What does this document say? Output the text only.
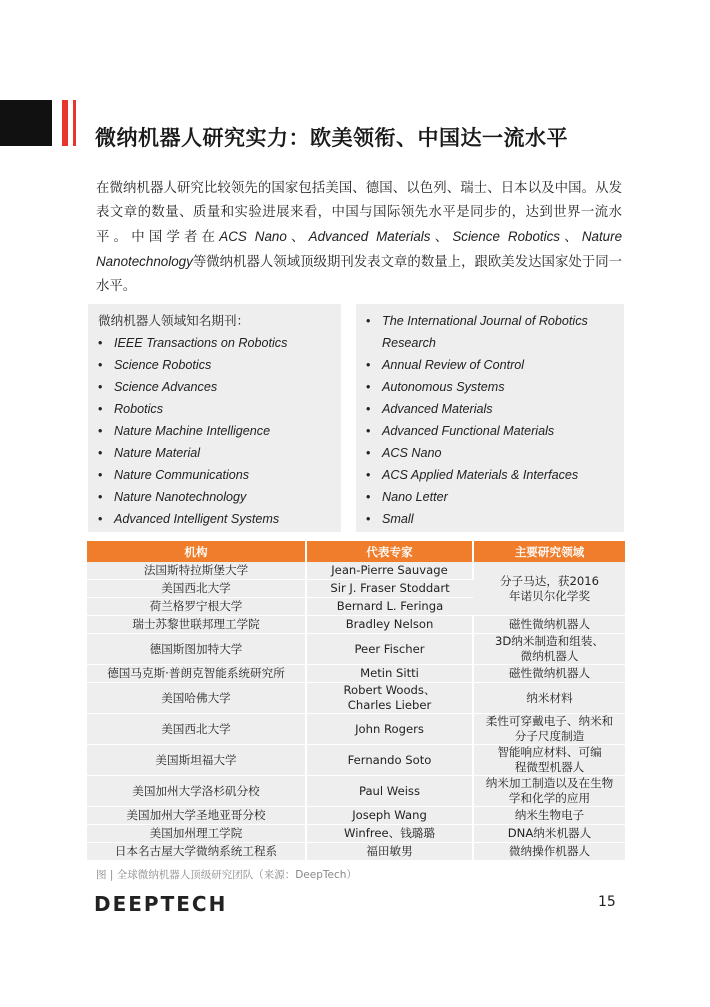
微纳机器人研究实力：欧美领衔、中国达一流水平

在微纳机器人研究比较领先的国家包括美国、德国、以色列、瑞士、日本以及中国。从发表文章的数量、质量和实验进展来看，中国与国际领先水平是同步的，达到世界一流水平。中国学者在ACS Nano、Advanced Materials、Science Robotics、Nature Nanotechnology等微纳机器人领域顶级期刊发表文章的数量上，跟欧美发达国家处于同一水平。

微纳机器人领域知名期刊：
• IEEE Transactions on Robotics
• Science Robotics
• Science Advances
• Robotics
• Nature Machine Intelligence
• Nature Material
• Nature Communications
• Nature Nanotechnology
• Advanced Intelligent Systems
• The International Journal of Robotics Research
• Annual Review of Control
• Autonomous Systems
• Advanced Materials
• Advanced Functional Materials
• ACS Nano
• ACS Applied Materials & Interfaces
• Nano Letter
• Small
机构	代表专家	主要研究领域
法国斯特拉斯堡大学	Jean-Pierre Sauvage	分子马达，获2016年诺贝尔化学奖
美国西北大学	Sir J. Fraser Stoddart	
荷兰格罗宁根大学	Bernard L. Feringa	
瑞士苏黎世联邦理工学院	Bradley Nelson	磁性微纳机器人
德国斯图加特大学	Peer Fischer	3D纳米制造和组装、微纳机器人
德国马克斯·普朗克智能系统研究所	Metin Sitti	磁性微纳机器人
美国哈佛大学	Robert Woods、Charles Lieber	纳米材料
美国西北大学	John Rogers	柔性可穿戴电子、纳米和分子尺度制造
美国斯坦福大学	Fernando Soto	智能响应材料、可编程微型机器人
美国加州大学洛杉矶分校	Paul Weiss	纳米加工制造以及在生物学和化学的应用
美国加州大学圣地亚哥分校	Joseph Wang	纳米生物电子
美国加州理工学院	Winfree、钱璐璐	DNA纳米机器人
日本名古屋大学微纳系统工程系	福田敏男	微纳操作机器人
图 | 全球微纳机器人顶级研究团队（来源：DeepTech）
DEEPTECH	15
